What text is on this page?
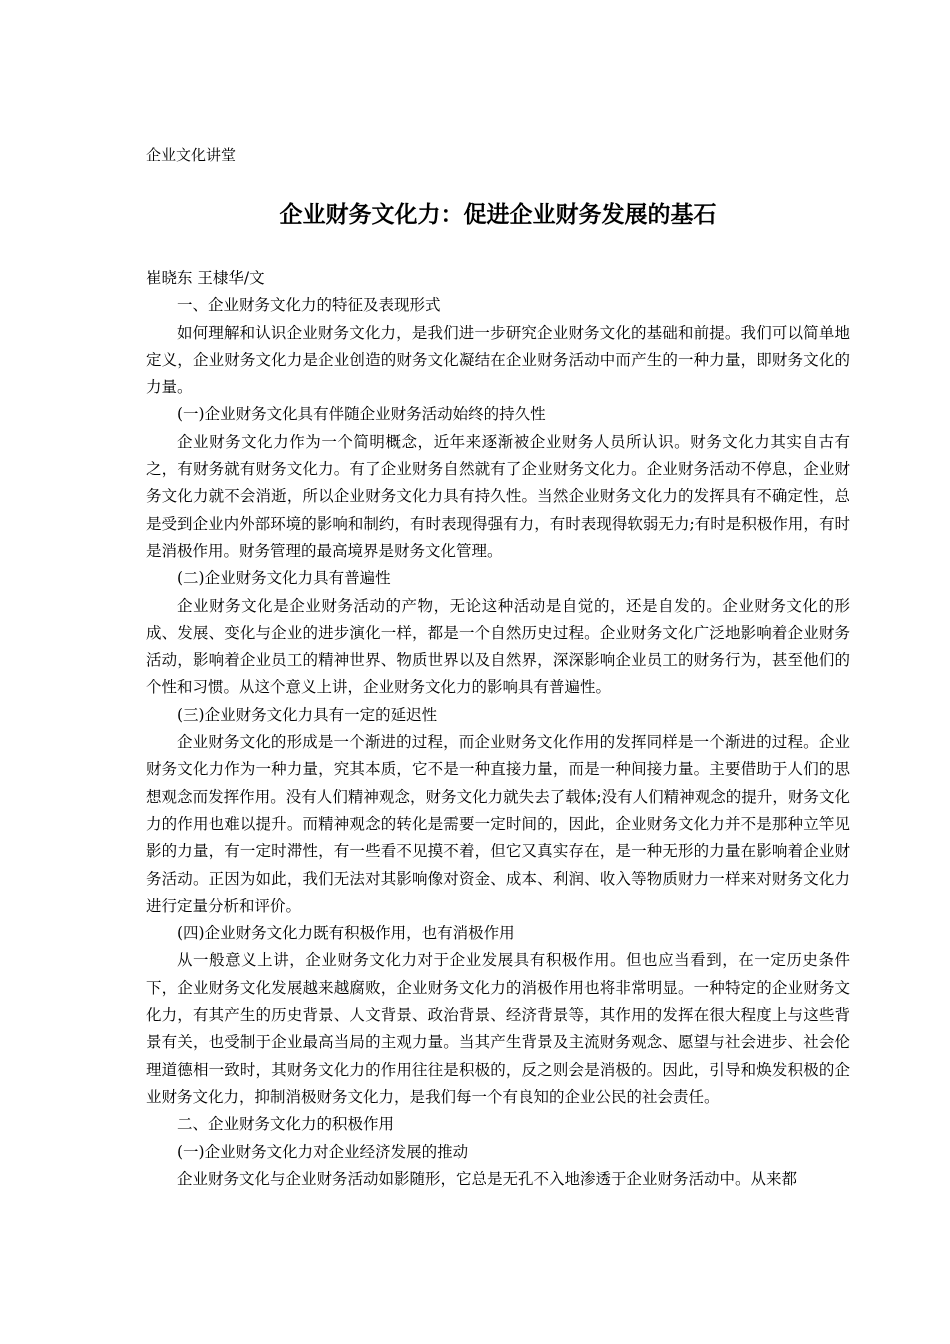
企业文化讲堂
企业财务文化力：促进企业财务发展的基石

崔晓东 王棣华/文

一、企业财务文化力的特征及表现形式

如何理解和认识企业财务文化力，是我们进一步研究企业财务文化的基础和前提。我们可以简单地定义，企业财务文化力是企业创造的财务文化凝结在企业财务活动中而产生的一种力量，即财务文化的力量。

(一)企业财务文化具有伴随企业财务活动始终的持久性

企业财务文化力作为一个简明概念，近年来逐渐被企业财务人员所认识。财务文化力其实自古有之，有财务就有财务文化力。有了企业财务自然就有了企业财务文化力。企业财务活动不停息，企业财务文化力就不会消逝，所以企业财务文化力具有持久性。当然企业财务文化力的发挥具有不确定性，总是受到企业内外部环境的影响和制约，有时表现得强有力，有时表现得软弱无力;有时是积极作用，有时是消极作用。财务管理的最高境界是财务文化管理。

(二)企业财务文化力具有普遍性

企业财务文化是企业财务活动的产物，无论这种活动是自觉的，还是自发的。企业财务文化的形成、发展、变化与企业的进步演化一样，都是一个自然历史过程。企业财务文化广泛地影响着企业财务活动，影响着企业员工的精神世界、物质世界以及自然界，深深影响企业员工的财务行为，甚至他们的个性和习惯。从这个意义上讲，企业财务文化力的影响具有普遍性。

(三)企业财务文化力具有一定的延迟性

企业财务文化的形成是一个渐进的过程，而企业财务文化作用的发挥同样是一个渐进的过程。企业财务文化力作为一种力量，究其本质，它不是一种直接力量，而是一种间接力量。主要借助于人们的思想观念而发挥作用。没有人们精神观念，财务文化力就失去了载体;没有人们精神观念的提升，财务文化力的作用也难以提升。而精神观念的转化是需要一定时间的，因此，企业财务文化力并不是那种立竿见影的力量，有一定时滞性，有一些看不见摸不着，但它又真实存在，是一种无形的力量在影响着企业财务活动。正因为如此，我们无法对其影响像对资金、成本、利润、收入等物质财力一样来对财务文化力进行定量分析和评价。

(四)企业财务文化力既有积极作用，也有消极作用

从一般意义上讲，企业财务文化力对于企业发展具有积极作用。但也应当看到，在一定历史条件下，企业财务文化发展越来越腐败，企业财务文化力的消极作用也将非常明显。一种特定的企业财务文化力，有其产生的历史背景、人文背景、政治背景、经济背景等，其作用的发挥在很大程度上与这些背景有关，也受制于企业最高当局的主观力量。当其产生背景及主流财务观念、愿望与社会进步、社会伦理道德相一致时，其财务文化力的作用往往是积极的，反之则会是消极的。因此，引导和焕发积极的企业财务文化力，抑制消极财务文化力，是我们每一个有良知的企业公民的社会责任。

二、企业财务文化力的积极作用

(一)企业财务文化力对企业经济发展的推动

企业财务文化与企业财务活动如影随形，它总是无孔不入地渗透于企业财务活动中。从来都
